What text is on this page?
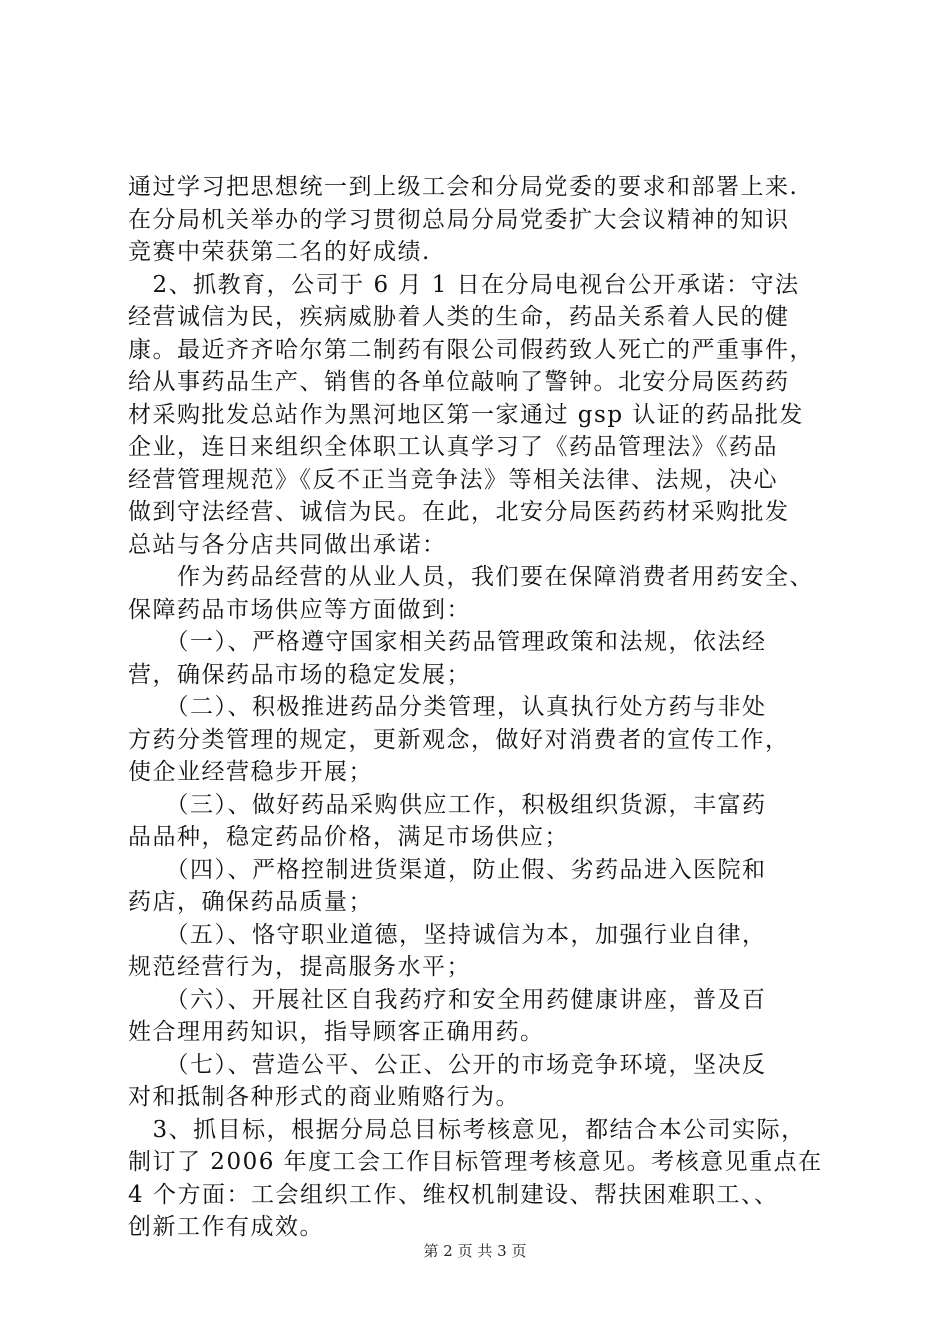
通过学习把思想统一到上级工会和分局党委的要求和部署上来.
在分局机关举办的学习贯彻总局分局党委扩大会议精神的知识
竞赛中荣获第二名的好成绩.
　2、抓教育，公司于 6 月 1 日在分局电视台公开承诺：守法
经营诚信为民，疾病威胁着人类的生命，药品关系着人民的健
康。最近齐齐哈尔第二制药有限公司假药致人死亡的严重事件，
给从事药品生产、销售的各单位敲响了警钟。北安分局医药药
材采购批发总站作为黑河地区第一家通过 gsp 认证的药品批发
企业，连日来组织全体职工认真学习了《药品管理法》《药品
经营管理规范》《反不正当竞争法》等相关法律、法规，决心
做到守法经营、诚信为民。在此，北安分局医药药材采购批发
总站与各分店共同做出承诺：
　　作为药品经营的从业人员，我们要在保障消费者用药安全、
保障药品市场供应等方面做到：
　　（一）、严格遵守国家相关药品管理政策和法规，依法经
营，确保药品市场的稳定发展；
　　（二）、积极推进药品分类管理，认真执行处方药与非处
方药分类管理的规定，更新观念，做好对消费者的宣传工作，
使企业经营稳步开展；
　　（三）、做好药品采购供应工作，积极组织货源，丰富药
品品种，稳定药品价格，满足市场供应；
　　（四）、严格控制进货渠道，防止假、劣药品进入医院和
药店，确保药品质量；
　　（五）、恪守职业道德，坚持诚信为本，加强行业自律，
规范经营行为，提高服务水平；
　　（六）、开展社区自我药疗和安全用药健康讲座，普及百
姓合理用药知识，指导顾客正确用药。
　　（七）、营造公平、公正、公开的市场竞争环境，坚决反
对和抵制各种形式的商业贿赂行为。
　3、抓目标，根据分局总目标考核意见，都结合本公司实际，
制订了 2006 年度工会工作目标管理考核意见。考核意见重点在
4 个方面：工会组织工作、维权机制建设、帮扶困难职工、、
创新工作有成效。
第 2 页 共 3 页
